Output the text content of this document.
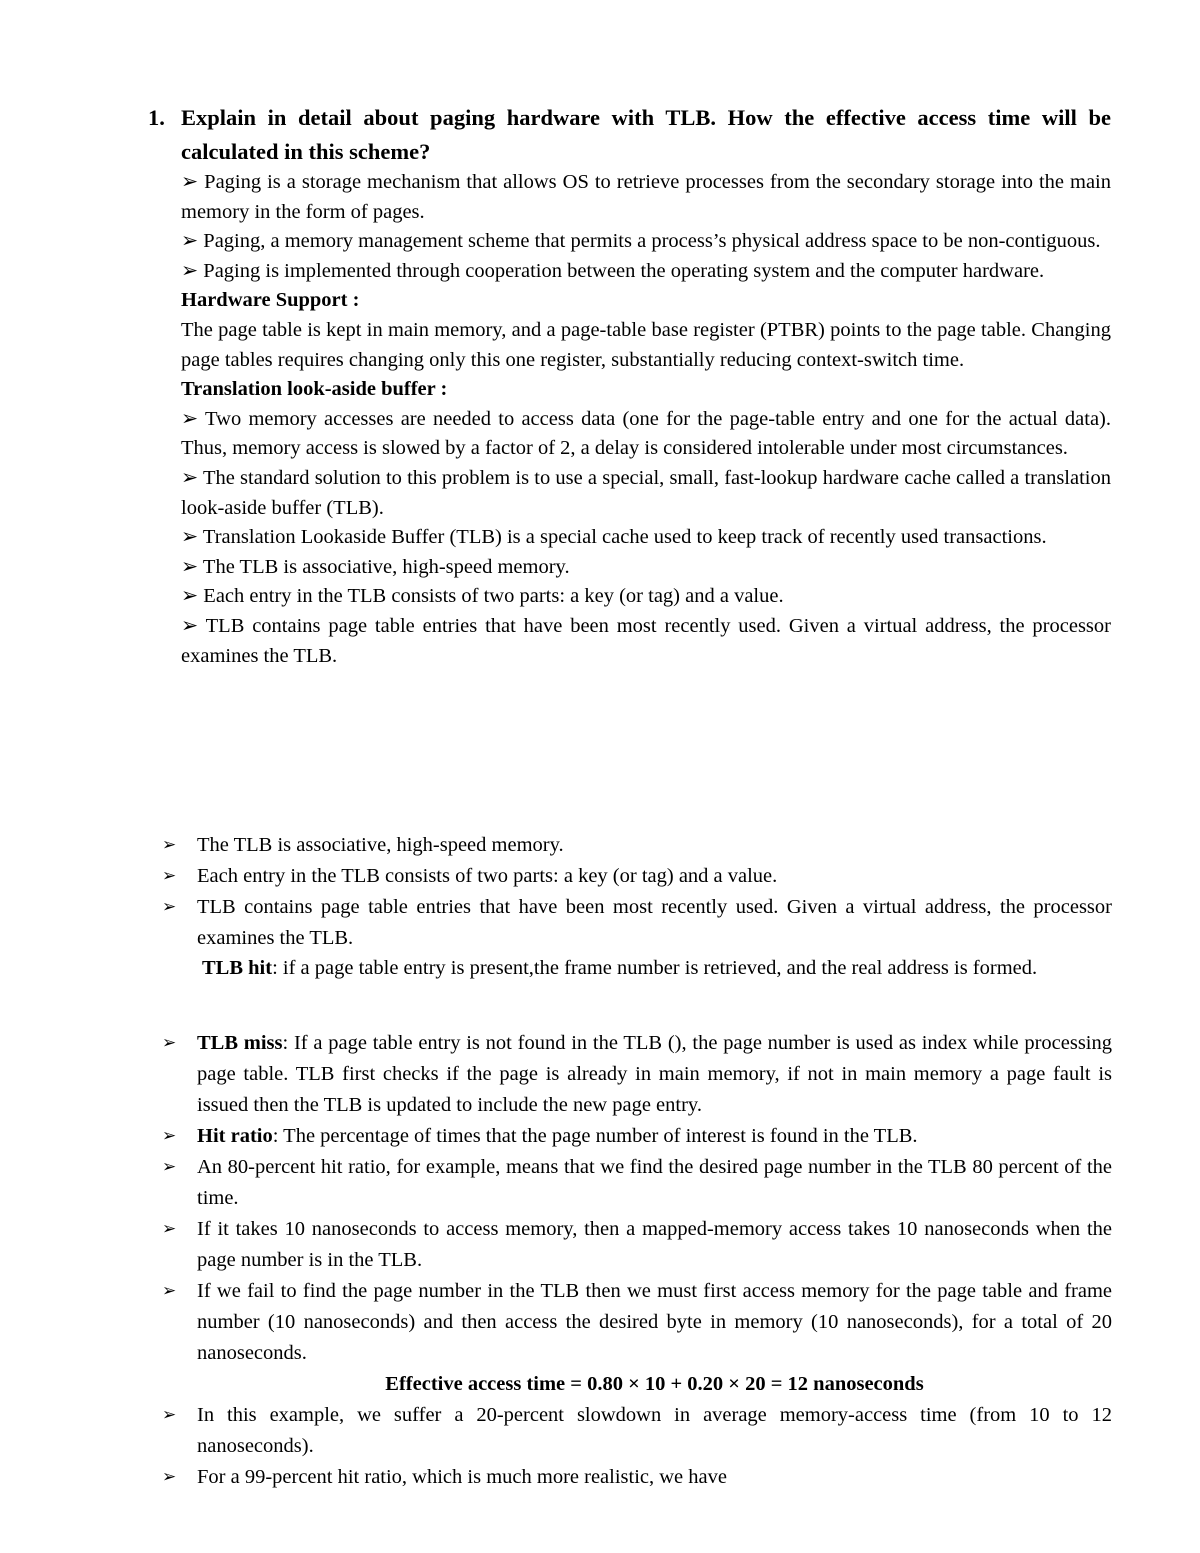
1. Explain in detail about paging hardware with TLB. How the effective access time will be calculated in this scheme?

➢ Paging is a storage mechanism that allows OS to retrieve processes from the secondary storage into the main memory in the form of pages.

➢ Paging, a memory management scheme that permits a process’s physical address space to be non-contiguous.

➢ Paging is implemented through cooperation between the operating system and the computer hardware.

Hardware Support :

The page table is kept in main memory, and a page-table base register (PTBR) points to the page table. Changing page tables requires changing only this one register, substantially reducing context-switch time.

Translation look-aside buffer :

➢ Two memory accesses are needed to access data (one for the page-table entry and one for the actual data). Thus, memory access is slowed by a factor of 2, a delay is considered intolerable under most circumstances.

➢ The standard solution to this problem is to use a special, small, fast-lookup hardware cache called a translation look-aside buffer (TLB).

➢ Translation Lookaside Buffer (TLB) is a special cache used to keep track of recently used transactions.

➢ The TLB is associative, high-speed memory.

➢ Each entry in the TLB consists of two parts: a key (or tag) and a value.

➢ TLB contains page table entries that have been most recently used. Given a virtual address, the processor examines the TLB.

➢ The TLB is associative, high-speed memory.
➢ Each entry in the TLB consists of two parts: a key (or tag) and a value.
➢ TLB contains page table entries that have been most recently used. Given a virtual address, the processor examines the TLB.
TLB hit: if a page table entry is present,the frame number is retrieved, and the real address is formed.
➢ TLB miss: If a page table entry is not found in the TLB (), the page number is used as index while processing page table. TLB first checks if the page is already in main memory, if not in main memory a page fault is issued then the TLB is updated to include the new page entry.
➢ Hit ratio: The percentage of times that the page number of interest is found in the TLB.
➢ An 80-percent hit ratio, for example, means that we find the desired page number in the TLB 80 percent of the time.
➢ If it takes 10 nanoseconds to access memory, then a mapped-memory access takes 10 nanoseconds when the page number is in the TLB.
➢ If we fail to find the page number in the TLB then we must first access memory for the page table and frame number (10 nanoseconds) and then access the desired byte in memory (10 nanoseconds), for a total of 20 nanoseconds.
Effective access time = 0.80 × 10 + 0.20 × 20 = 12 nanoseconds
➢ In this example, we suffer a 20-percent slowdown in average memory-access time (from 10 to 12 nanoseconds).
➢ For a 99-percent hit ratio, which is much more realistic, we have
